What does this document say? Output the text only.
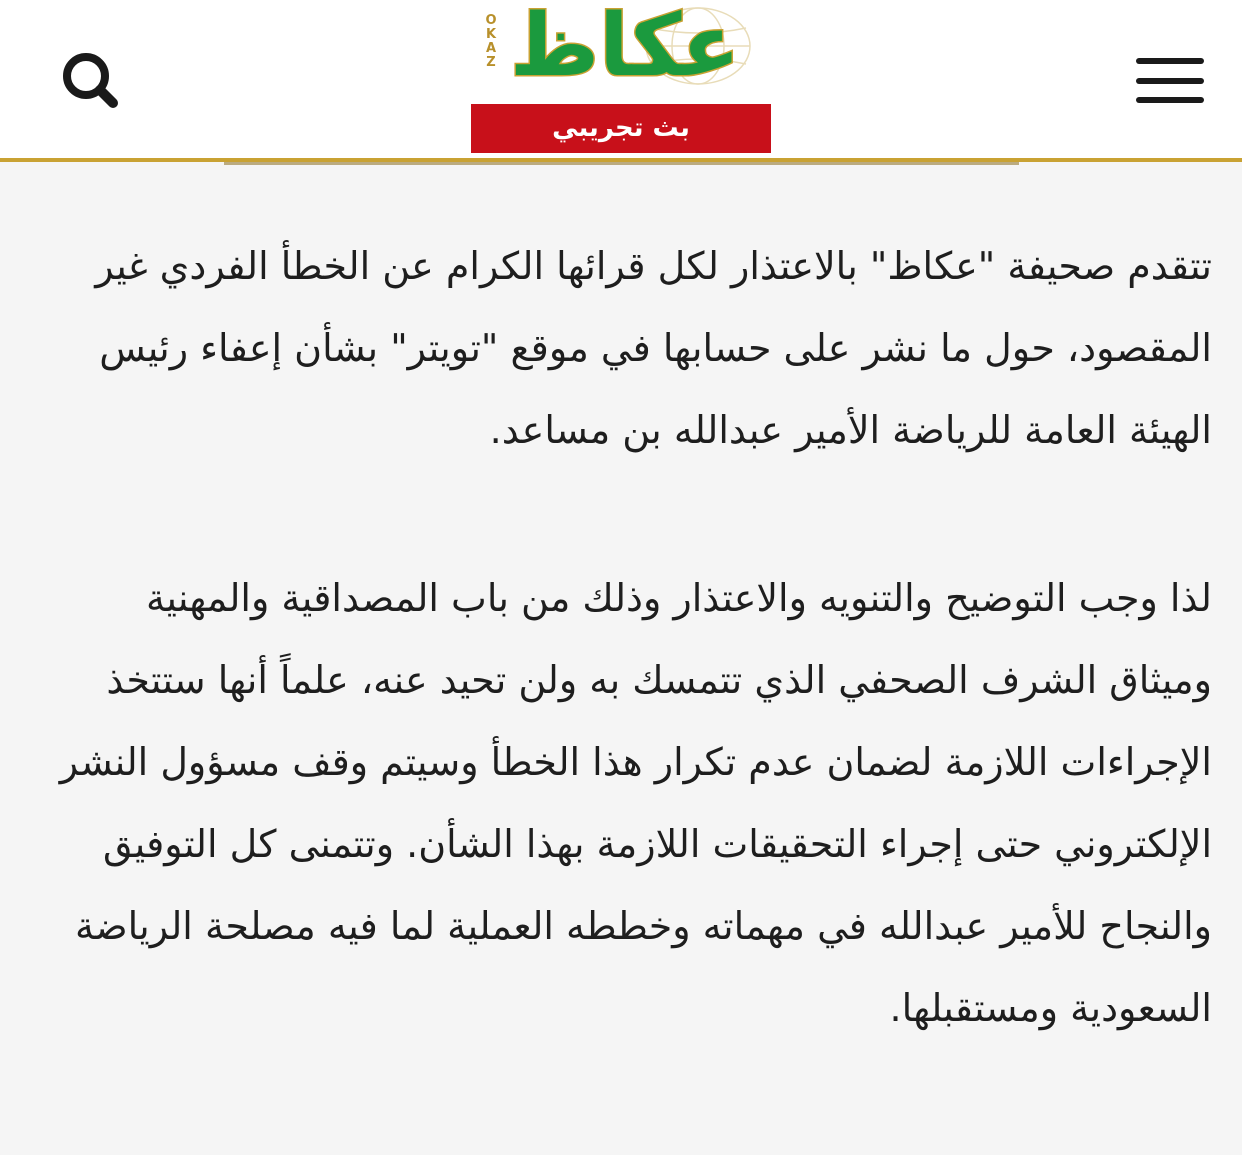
OKAZ عكاظ
بث تجريبي

تتقدم صحيفة "عكاظ" بالاعتذار لكل قرائها الكرام عن الخطأ الفردي غير المقصود، حول ما نشر على حسابها في موقع "تويتر" بشأن إعفاء رئيس الهيئة العامة للرياضة الأمير عبدالله بن مساعد.

لذا وجب التوضيح والتنويه والاعتذار وذلك من باب المصداقية والمهنية وميثاق الشرف الصحفي الذي تتمسك به ولن تحيد عنه، علماً أنها ستتخذ الإجراءات اللازمة لضمان عدم تكرار هذا الخطأ وسيتم وقف مسؤول النشر الإلكتروني حتى إجراء التحقيقات اللازمة بهذا الشأن. وتتمنى كل التوفيق والنجاح للأمير عبدالله في مهماته وخططه العملية لما فيه مصلحة الرياضة السعودية ومستقبلها.
